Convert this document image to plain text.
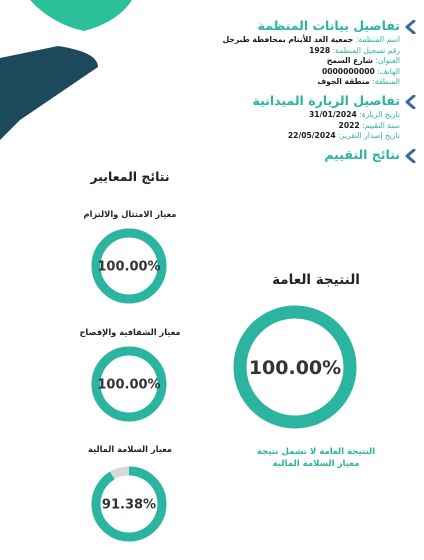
تفاصيل بيانات المنظمة
اسم المنظمة: جمعية الغد للأيتام بمحافظة طبرجل
رقم تسجيل المنظمة: 1928
العنوان: شارع السمح
الهاتف: 0000000000
المنطقة: منطقة الجوف
تفاصيل الزيارة الميدانية
تاريخ الزيارة: 31/01/2024
سنة التقييم: 2022
تاريخ إصدار التقرير: 22/05/2024
نتائج التقييم
نتائج المعايير
معيار الامتثال والالتزام
100.00%
معيار الشفافية والإفصاح
100.00%
معيار السلامة المالية
91.38%
النتيجة العامة
100.00%
النتيجة العامة لا تشمل نتيجة
معيار السلامة المالية
